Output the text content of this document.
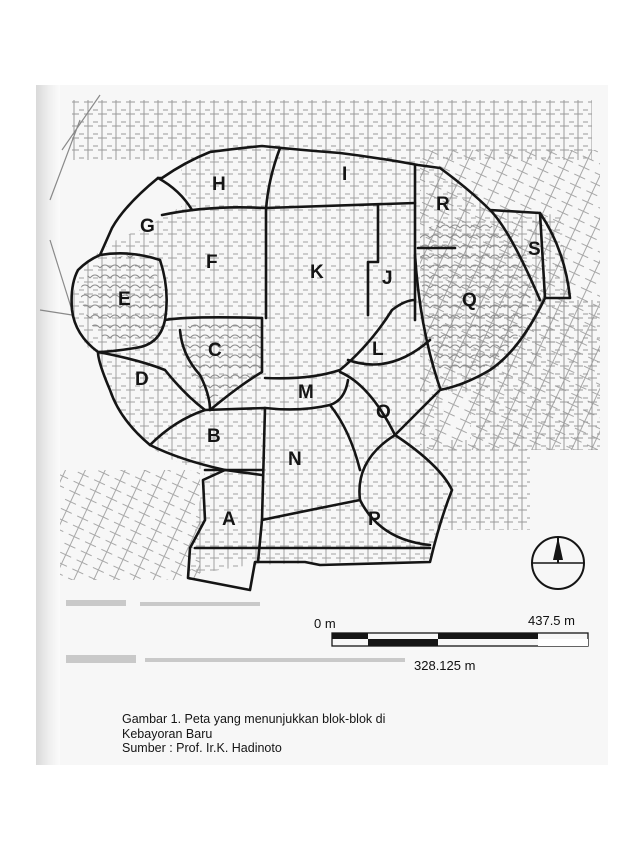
H	I
R
G
S
F	K	J
E	Q
C	L
D
M
O
B
N
A	P
0 m	437.5 m
328.125 m
Gambar 1. Peta yang menunjukkan blok-blok di
Kebayoran Baru
Sumber : Prof. Ir.K. Hadinoto
